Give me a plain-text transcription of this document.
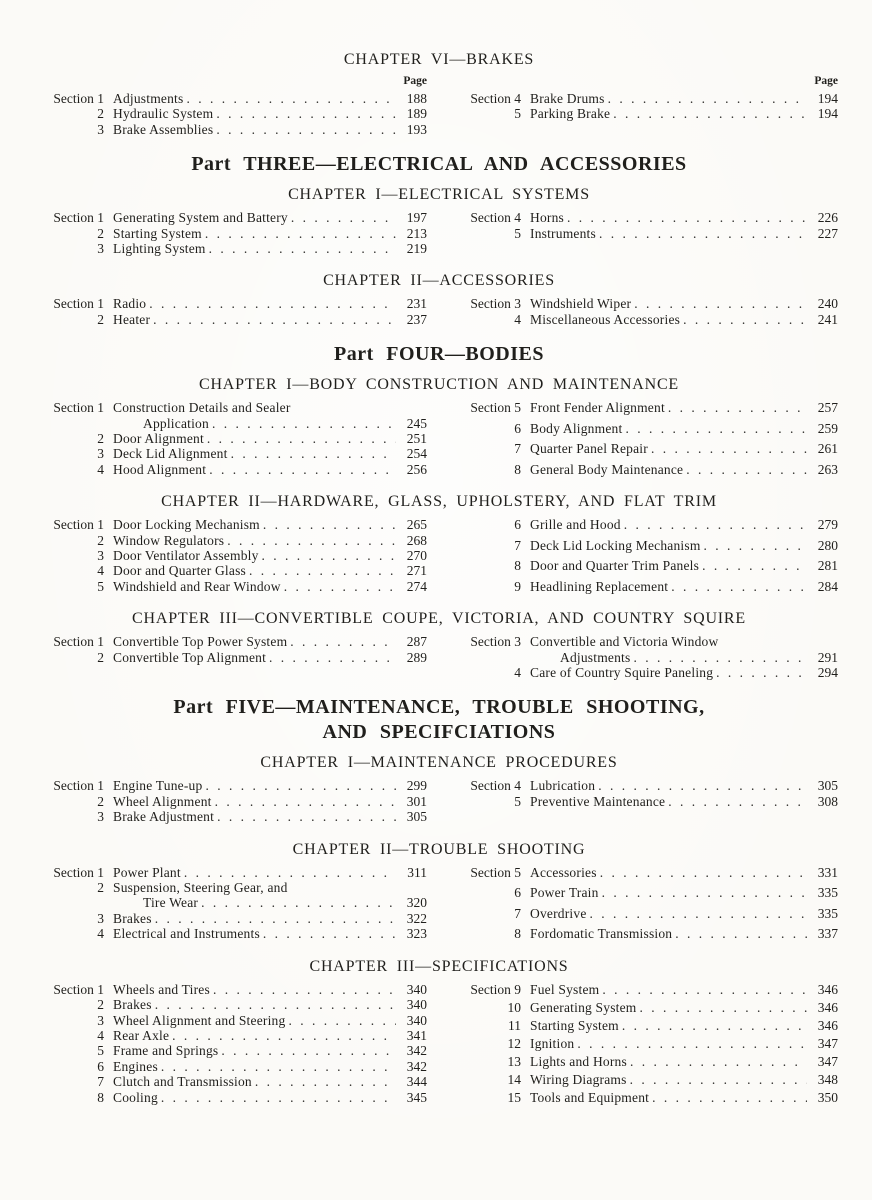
CHAPTER VI—BRAKES
Page	Page
Section 1 Adjustments . . .	188
2 Hydraulic System . . .	189
3 Brake Assemblies . . .	193
Section 4 Brake Drums . . .	194
5 Parking Brake . . .	194
Part THREE—ELECTRICAL AND ACCESSORIES
CHAPTER I—ELECTRICAL SYSTEMS
Section 1 Generating System and Battery . . .	197
2 Starting System . . .	213
3 Lighting System . . .	219
Section 4 Horns . . .	226
5 Instruments . . .	227
CHAPTER II—ACCESSORIES
Section 1 Radio . . .	231
2 Heater . . .	237
Section 3 Windshield Wiper . . .	240
4 Miscellaneous Accessories . . .	241
Part FOUR—BODIES
CHAPTER I—BODY CONSTRUCTION AND MAINTENANCE
Section 1 Construction Details and Sealer
Application . . .	245
2 Door Alignment . . .	251
3 Deck Lid Alignment . . .	254
4 Hood Alignment . . .	256
Section 5 Front Fender Alignment . . .	257
6 Body Alignment . . .	259
7 Quarter Panel Repair . . .	261
8 General Body Maintenance . . .	263
CHAPTER II—HARDWARE, GLASS, UPHOLSTERY, AND FLAT TRIM
Section 1 Door Locking Mechanism . . .	265
2 Window Regulators . . .	268
3 Door Ventilator Assembly . . .	270
4 Door and Quarter Glass . . .	271
5 Windshield and Rear Window . . .	274
6 Grille and Hood . . .	279
7 Deck Lid Locking Mechanism . . .	280
8 Door and Quarter Trim Panels . . .	281
9 Headlining Replacement . . .	284
CHAPTER III—CONVERTIBLE COUPE, VICTORIA, AND COUNTRY SQUIRE
Section 1 Convertible Top Power System . . .	287
2 Convertible Top Alignment . . .	289
Section 3 Convertible and Victoria Window
Adjustments . . .	291
4 Care of Country Squire Paneling . . .	294
Part FIVE—MAINTENANCE, TROUBLE SHOOTING,
AND SPECIFCIATIONS
CHAPTER I—MAINTENANCE PROCEDURES
Section 1 Engine Tune-up . . .	299
2 Wheel Alignment . . .	301
3 Brake Adjustment . . .	305
Section 4 Lubrication . . .	305
5 Preventive Maintenance . . .	308
CHAPTER II—TROUBLE SHOOTING
Section 1 Power Plant . . .	311
2 Suspension, Steering Gear, and
Tire Wear . . .	320
3 Brakes . . .	322
4 Electrical and Instruments . . .	323
Section 5 Accessories . . .	331
6 Power Train . . .	335
7 Overdrive . . .	335
8 Fordomatic Transmission . . .	337
CHAPTER III—SPECIFICATIONS
Section 1 Wheels and Tires . . .	340
2 Brakes . . .	340
3 Wheel Alignment and Steering . . .	340
4 Rear Axle . . .	341
5 Frame and Springs . . .	342
6 Engines . . .	342
7 Clutch and Transmission . . .	344
8 Cooling . . .	345
Section 9 Fuel System . . .	346
10 Generating System . . .	346
11 Starting System . . .	346
12 Ignition . . .	347
13 Lights and Horns . . .	347
14 Wiring Diagrams . . .	348
15 Tools and Equipment . . .	350
